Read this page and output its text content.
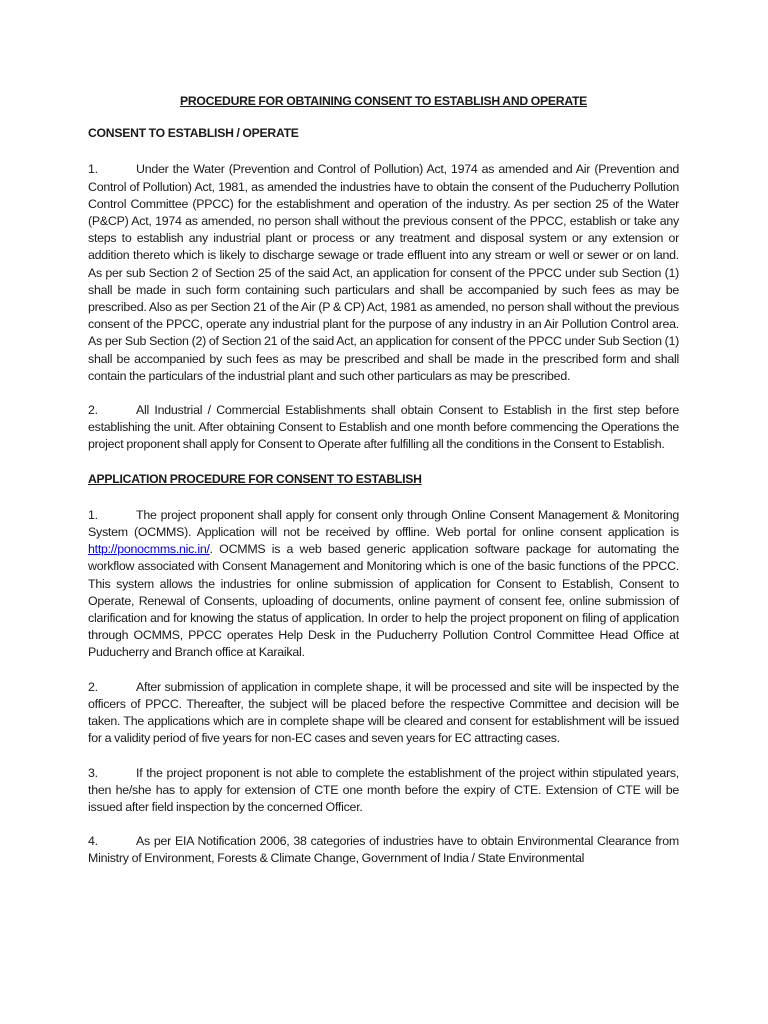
PROCEDURE FOR OBTAINING CONSENT TO ESTABLISH AND OPERATE
CONSENT TO ESTABLISH / OPERATE
1.	Under the Water (Prevention and Control of Pollution) Act, 1974 as amended and Air (Prevention and Control of Pollution) Act, 1981, as amended the industries have to obtain the consent of the Puducherry Pollution Control Committee (PPCC) for the establishment and operation of the industry. As per section 25 of the Water (P&CP) Act, 1974 as amended, no person shall without the previous consent of the PPCC, establish or take any steps to establish any industrial plant or process or any treatment and disposal system or any extension or addition thereto which is likely to discharge sewage or trade effluent into any stream or well or sewer or on land. As per sub Section 2 of Section 25 of the said Act, an application for consent of the PPCC under sub Section (1) shall be made in such form containing such particulars and shall be accompanied by such fees as may be prescribed. Also as per Section 21 of the Air (P & CP) Act, 1981 as amended, no person shall without the previous consent of the PPCC, operate any industrial plant for the purpose of any industry in an Air Pollution Control area. As per Sub Section (2) of Section 21 of the said Act, an application for consent of the PPCC under Sub Section (1) shall be accompanied by such fees as may be prescribed and shall be made in the prescribed form and shall contain the particulars of the industrial plant and such other particulars as may be prescribed.
2.	All Industrial / Commercial Establishments shall obtain Consent to Establish in the first step before establishing the unit. After obtaining Consent to Establish and one month before commencing the Operations the project proponent shall apply for Consent to Operate after fulfilling all the conditions in the Consent to Establish.
APPLICATION PROCEDURE FOR CONSENT TO ESTABLISH
1.	The project proponent shall apply for consent only through Online Consent Management & Monitoring System (OCMMS). Application will not be received by offline. Web portal for online consent application is http://ponocmms.nic.in/. OCMMS is a web based generic application software package for automating the workflow associated with Consent Management and Monitoring which is one of the basic functions of the PPCC. This system allows the industries for online submission of application for Consent to Establish, Consent to Operate, Renewal of Consents, uploading of documents, online payment of consent fee, online submission of clarification and for knowing the status of application. In order to help the project proponent on filing of application through OCMMS, PPCC operates Help Desk in the Puducherry Pollution Control Committee Head Office at Puducherry and Branch office at Karaikal.
2.	After submission of application in complete shape, it will be processed and site will be inspected by the officers of PPCC. Thereafter, the subject will be placed before the respective Committee and decision will be taken. The applications which are in complete shape will be cleared and consent for establishment will be issued for a validity period of five years for non-EC cases and seven years for EC attracting cases.
3.	If the project proponent is not able to complete the establishment of the project within stipulated years, then he/she has to apply for extension of CTE one month before the expiry of CTE. Extension of CTE will be issued after field inspection by the concerned Officer.
4.	As per EIA Notification 2006, 38 categories of industries have to obtain Environmental Clearance from Ministry of Environment, Forests & Climate Change, Government of India / State Environmental
